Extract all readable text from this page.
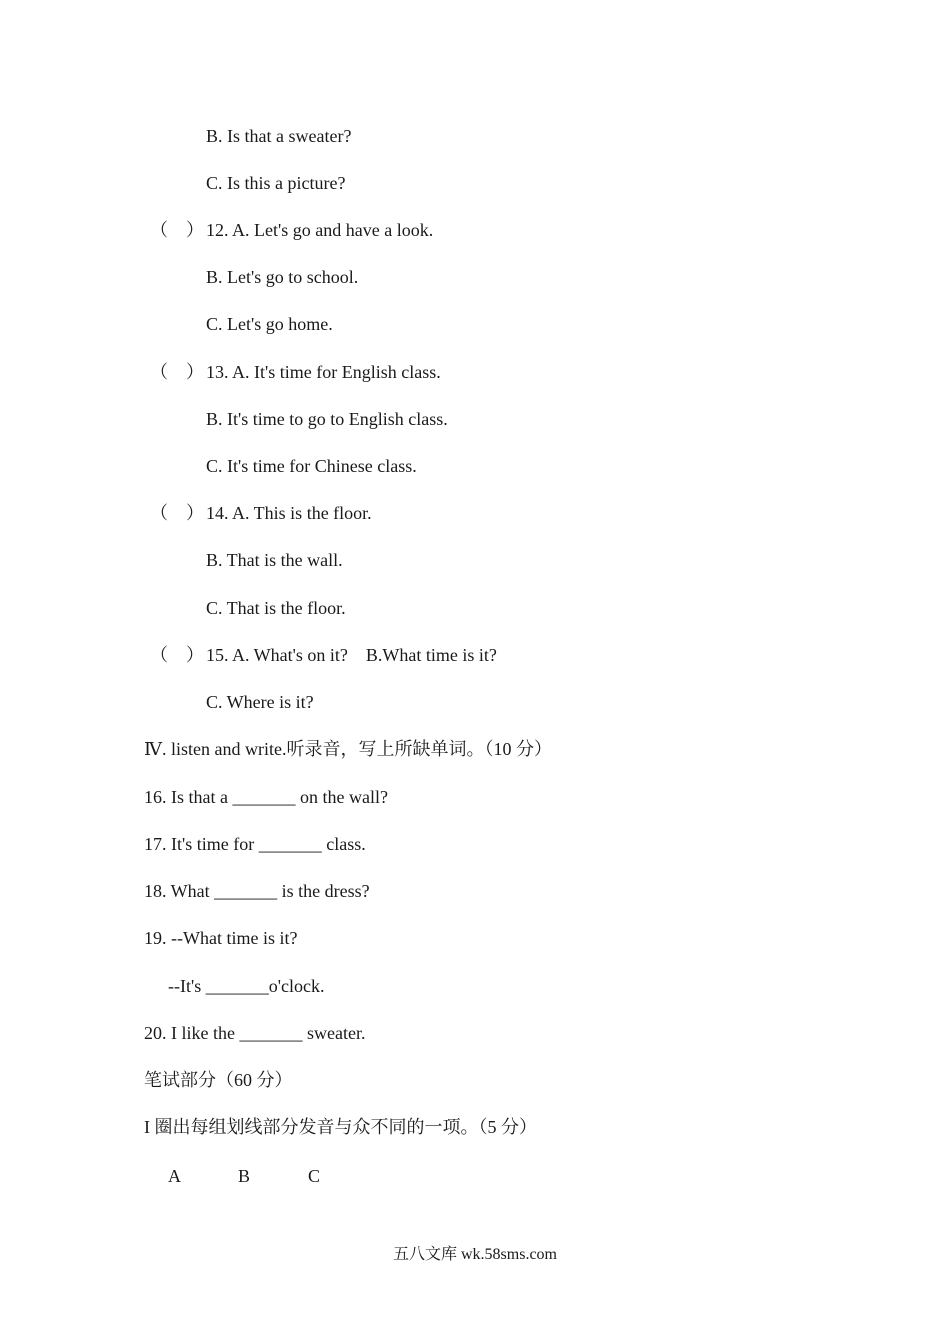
B. Is that a sweater?
C. Is this a picture?
（    ） 12. A. Let's go and have a look.
B. Let's go to school.
C. Let's go home.
（    ） 13. A. It's time for English class.
B. It's time to go to English class.
C. It's time for Chinese class.
（    ） 14. A. This is the floor.
B. That is the wall.
C. That is the floor.
（    ） 15. A. What's on it?    B.What time is it?
C. Where is it?
Ⅳ. listen and write.听录音，写上所缺单词。（10 分）
16. Is that a _______ on the wall?
17. It's time for _______ class.
18. What _______ is the dress?
19. --What time is it?
--It's _______o'clock.
20. I like the _______ sweater.
笔试部分（60 分）
I 圈出每组划线部分发音与众不同的一项。（5 分）
A	B	C
五八文库 wk.58sms.com
